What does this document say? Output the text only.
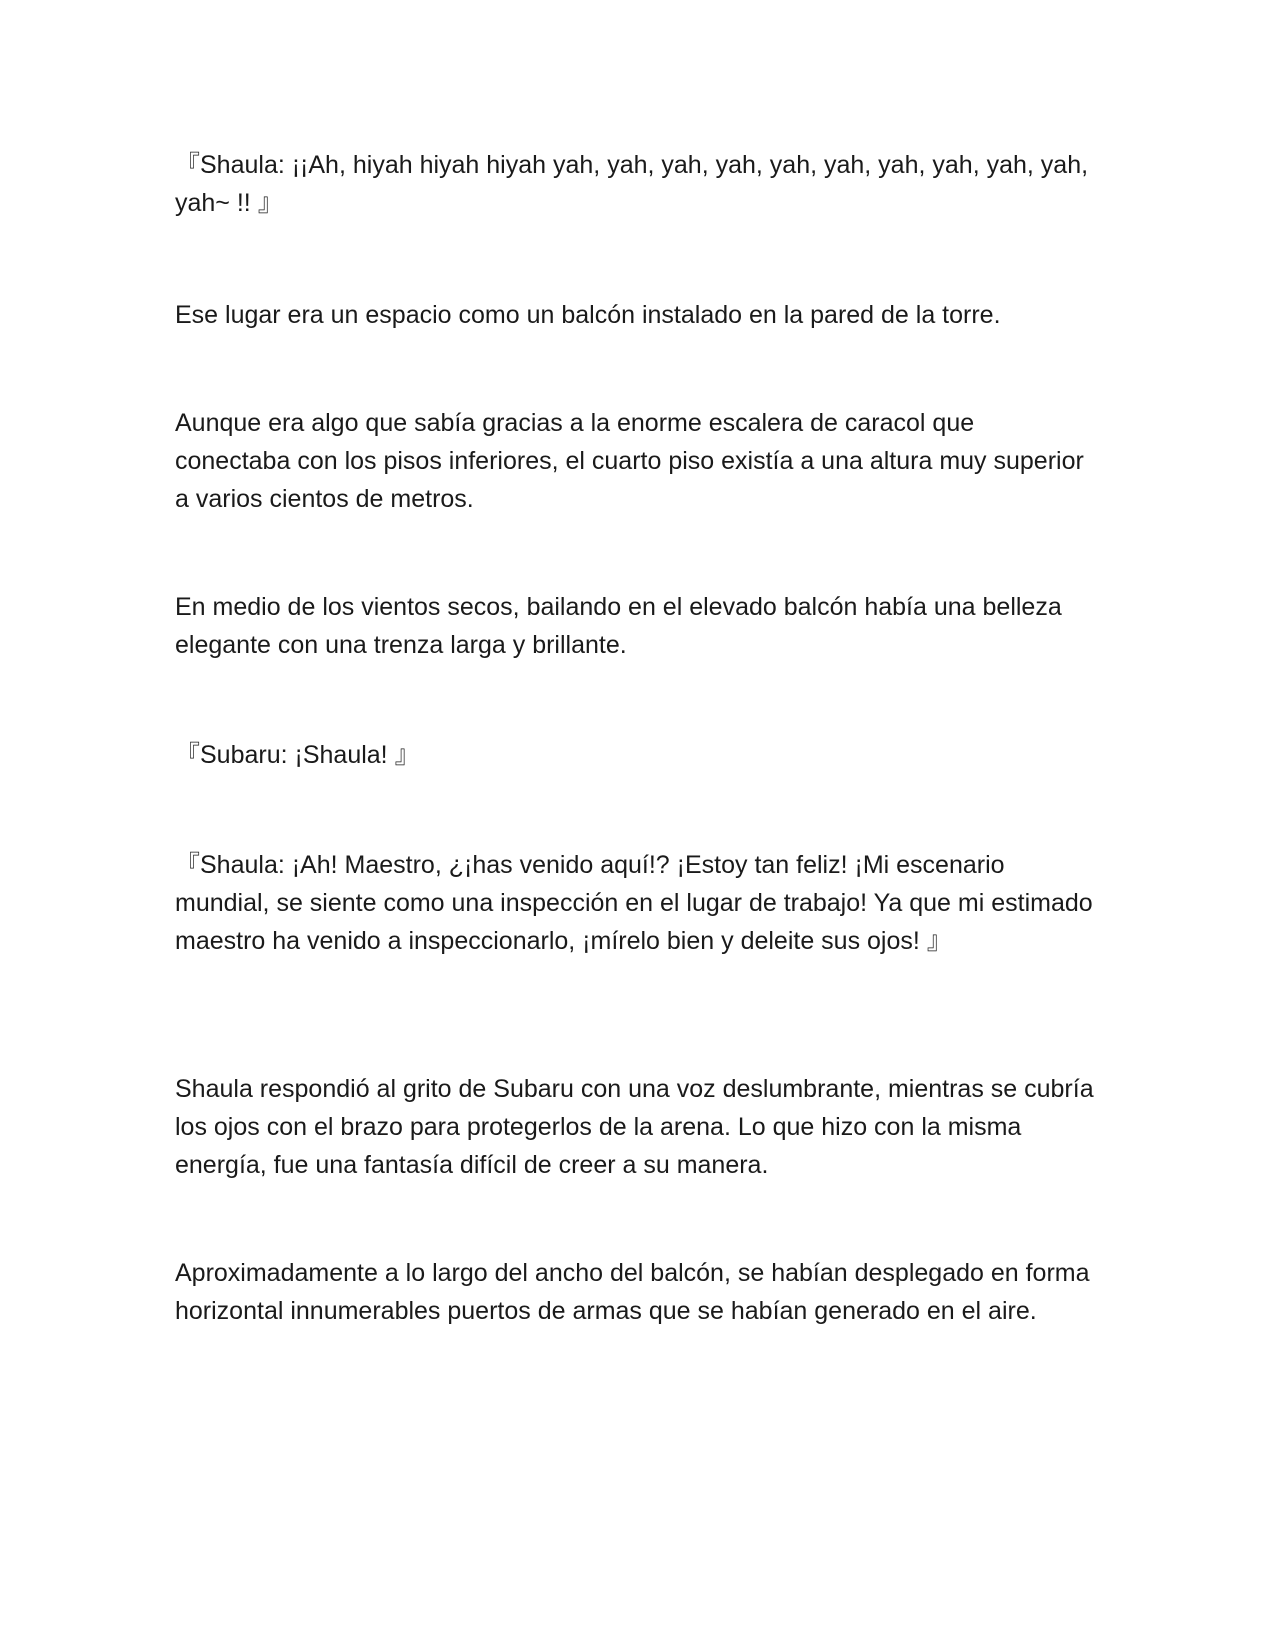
『Shaula: ¡¡Ah, hiyah hiyah hiyah yah, yah, yah, yah, yah, yah, yah, yah, yah, yah, yah~ !! 』

Ese lugar era un espacio como un balcón instalado en la pared de la torre.

Aunque era algo que sabía gracias a la enorme escalera de caracol que conectaba con los pisos inferiores, el cuarto piso existía a una altura muy superior a varios cientos de metros.

En medio de los vientos secos, bailando en el elevado balcón había una belleza elegante con una trenza larga y brillante.

『Subaru: ¡Shaula! 』

『Shaula: ¡Ah! Maestro, ¿¡has venido aquí!? ¡Estoy tan feliz! ¡Mi escenario mundial, se siente como una inspección en el lugar de trabajo! Ya que mi estimado maestro ha venido a inspeccionarlo, ¡mírelo bien y deleite sus ojos! 』

Shaula respondió al grito de Subaru con una voz deslumbrante, mientras se cubría los ojos con el brazo para protegerlos de la arena. Lo que hizo con la misma energía, fue una fantasía difícil de creer a su manera.

Aproximadamente a lo largo del ancho del balcón, se habían desplegado en forma horizontal innumerables puertos de armas que se habían generado en el aire.
